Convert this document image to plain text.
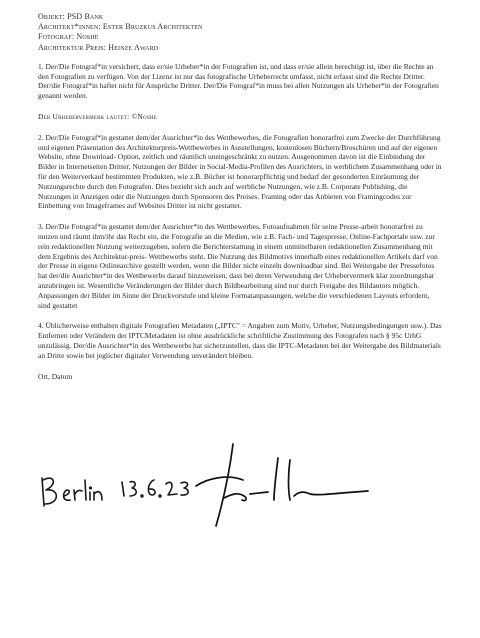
Objekt: PSD Bank
Architekt*innen: Ester Bruzkus Architekten
Fotograf: Noshe
Architektur Preis: Heinze Award

1. Der/Die Fotograf*in versichert, dass er/sie Urheber*in der Fotografien ist, und dass er/sie allein berechtigt ist, über die Rechte an den Fotografien zu verfügen. Von der Lizenz ist nur das fotografische Urheberrecht umfasst, nicht erfasst sind die Rechte Dritter. Der/die Fotograf*in haftet nicht für Ansprüche Dritter. Der/Die Fotograf*in muss bei allen Nutzungen als Urheber*in der Fotografien genannt werden.

Der Urhebervermerk lautet: ©Noshe

2. Der/Die Fotograf*in gestattet dem/der Ausrichter*in des Wettbewerbes, die Fotografien honorarfrei zum Zwecke der Durchführung und eigenen Präsentation des Architekturpreis-Wettbewerbes in Ausstellungen, kostenlosen Büchern/Broschüren und auf der eigenen Website, ohne Download- Option, zeitlich und räumlich uneingeschränkt zu nutzen. Ausgenommen davon ist die Einbindung der Bilder in Internetseiten Dritter, Nutzungen der Bilder in Social-Media-Profilen des Ausrichters, in werblichem Zusammenhang oder in für den Weiterverkauf bestimmten Produkten, wie z.B. Bücher ist honorarpflichtig und bedarf der gesonderten Einräumung der Nutzungsrechte durch den Fotografen. Dies bezieht sich auch auf werbliche Nutzungen, wie z.B. Corporate Publishing, die Nutzungen in Anzeigen oder die Nutzungen durch Sponsoren des Preises. Framing oder das Anbieten von Framingcodes zur Einbettung von Imageframes auf Websites Dritter ist nicht gestattet.

3. Der/Die Fotograf*in gestattet dem/der Ausrichter*in des Wettbewerbes, Fotoaufnahmen für seine Presse-arbeit honorarfrei zu nutzen und räumt ihm/ihr das Recht ein, die Fotografie an die Medien, wie z.B. Fach- und Tagespresse, Online-Fachportale usw. zur rein redaktionellen Nutzung weiterzugeben, sofern die Berichterstattung in einem unmittelbaren redaktionellen Zusammenhang mit dem Ergebnis des Architektur-preis- Wettbewerbs steht. Die Nutzung des Bildmotivs innerhalb eines redaktionellen Artikels darf von der Presse in eigene Onlinearchive gestellt werden, wenn die Bilder nicht einzeln downloadbar sind. Bei Weitergabe der Pressefotos hat der/die Ausrichter*in des Wettbewerbs darauf hinzuweisen, dass bei deren Verwendung der Urhebervermerk klar zuordnungsbar anzubringen ist. Wesentliche Veränderungen der Bilder durch Bildbearbeitung sind nur durch Freigabe des Bildautors möglich. Anpassungen der Bilder im Sinne der Druckvorstufe und kleine Formatanpassungen, welche die verschiedenen Layouts erfordern, sind gestattet

4. Üblicherweise enthalten digitale Fotografien Metadaten („IPTC" = Angaben zum Motiv, Urheber, Nutzungsbedingungen usw.). Das Entfernen oder Verändern der IPTCMetadaten ist ohne ausdrückliche schriftliche Zustimmung des Fotografen nach § 95c UrhG unzulässig. Der/die Ausrichter*in des Wettbewerbs hat sicherzustellen, dass die IPTC-Metadaten bei der Weitergabe des Bildmaterials an Dritte sowie bei jeglicher digitaler Verwendung unverändert bleiben.

Ort, Datum
